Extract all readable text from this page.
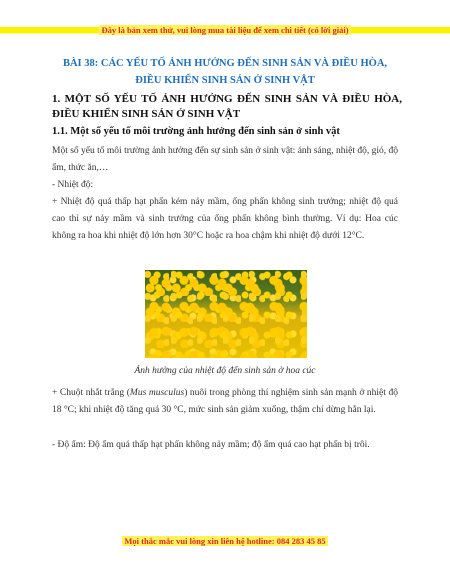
Đây là bản xem thử, vui lòng mua tài liệu để xem chi tiết (có lời giải)
BÀI 38: CÁC YẾU TỐ ẢNH HƯỞNG ĐẾN SINH SẢN VÀ ĐIỀU HÒA,
ĐIỀU KHIỂN SINH SẢN Ở SINH VẬT
1. MỘT SỐ YẾU TỐ ẢNH HƯỞNG ĐẾN SINH SẢN VÀ ĐIỀU HÒA, ĐIỀU KHIỂN SINH SẢN Ở SINH VẬT
1.1. Một số yếu tố môi trường ảnh hưởng đến sinh sản ở sinh vật
Một số yếu tố môi trường ảnh hưởng đến sự sinh sản ở sinh vật: ánh sáng, nhiệt độ, gió, độ ẩm, thức ăn,…
- Nhiệt độ:
+ Nhiệt độ quá thấp hạt phấn kém nảy mầm, ống phấn không sinh trưởng; nhiệt độ quá cao thì sự nảy mầm và sinh trưởng của ống phấn không bình thường. Ví dụ: Hoa cúc không ra hoa khi nhiệt độ lớn hơn 30°C hoặc ra hoa chậm khi nhiệt độ dưới 12°C.
Ảnh hưởng của nhiệt độ đến sinh sản ở hoa cúc
+ Chuột nhắt trắng (Mus musculus) nuôi trong phòng thí nghiệm sinh sản mạnh ở nhiệt độ 18 °C; khi nhiệt độ tăng quá 30 °C, mức sinh sản giảm xuống, thậm chí dừng hẳn lại.
- Độ ẩm: Độ ẩm quá thấp hạt phấn không nảy mầm; độ ẩm quá cao hạt phấn bị trôi.
Mọi thắc mắc vui lòng xin liên hệ hotline: 084 283 45 85
